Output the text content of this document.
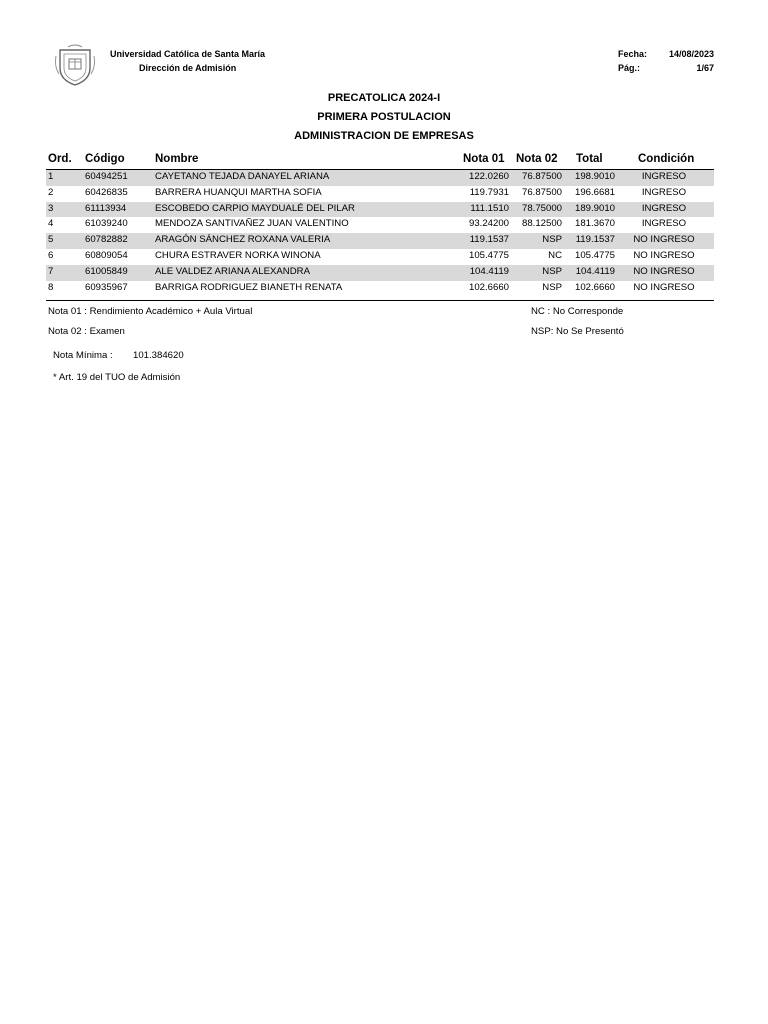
Universidad Católica de Santa María
Dirección de Admisión
Fecha: 14/08/2023
Pág.:	1/67
PRECATOLICA 2024-I
PRIMERA POSTULACION
ADMINISTRACION DE EMPRESAS
Ord. Código	Nombre	Nota 01 Nota 02 Total	Condición
1	60494251	CAYETANO TEJADA DANAYEL ARIANA	122.0260	76.87500	198.9010	INGRESO
2	60426835	BARRERA HUANQUI MARTHA SOFIA	119.7931	76.87500	196.6681	INGRESO
3	61113934	ESCOBEDO CARPIO MAYDUALÉ DEL PILAR	111.1510	78.75000	189.9010	INGRESO
4	61039240	MENDOZA SANTIVAÑEZ JUAN VALENTINO	93.24200	88.12500	181.3670	INGRESO
5	60782882	ARAGÓN SÁNCHEZ ROXANA VALERIA	119.1537	NSP	119.1537	NO INGRESO
6	60809054	CHURA ESTRAVER NORKA WINONA	105.4775	NC	105.4775	NO INGRESO
7	61005849	ALE VALDEZ ARIANA ALEXANDRA	104.4119	NSP	104.4119	NO INGRESO
8	60935967	BARRIGA RODRIGUEZ BIANETH RENATA	102.6660	NSP	102.6660	NO INGRESO
Nota 01 : Rendimiento Académico + Aula Virtual
Nota 02 : Examen
NC : No Corresponde
NSP: No Se Presentó
Nota Mínima : 101.384620
* Art. 19 del TUO de Admisión
